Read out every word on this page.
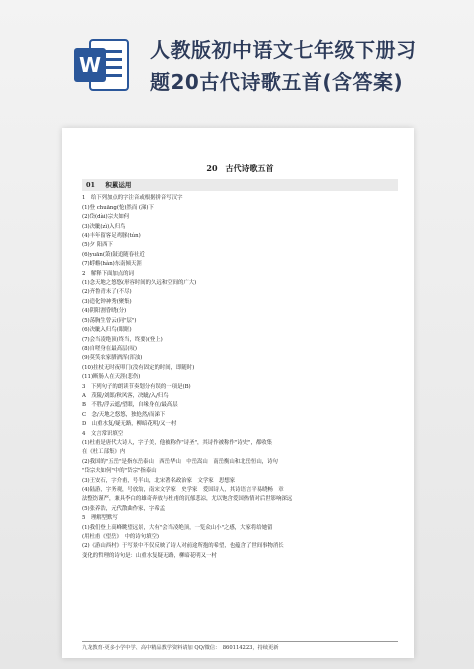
W
人教版初中语文七年级下册习
题20古代诗歌五首(含答案)
20　古代诗歌五首
01 积累运用
1　给下列加点的字注音或根据拼音写汉字
(1)登 chuāng(怆)然而 (涕)下
(2)岱(dài)宗夫如何
(3)决眦(zì)入归鸟
(4)丰年留客足鸡豚(tún)
(5)夕 阳西下
(6)yuān(箫)鼓追随春社近
(7)蜉蝣(hàn)东南倾天涯
2　解释下面加点的词
(1)念天地之悠悠(形容时间的久远和空间的广大)
(2)齐鲁青未了(不尽)
(3)造化钟神秀(聚集)
(4)阴阳割昏晓(分)
(5)荡胸生曾云(同"层")
(6)决眦入归鸟(眼眶)
(7)会当凌绝顶(终当，终要)(登上)
(8)自嗟身在最高层(叹)
(9)莫笑农家腊酒浑(浑浊)
(10)拄杖无时夜叩门(没有固定的时间，即随时)
(11)断肠人在天涯(悲伤)
3　下列句子的朗读节奏划分有误的一项是(B)
A　茂陵/刘郎/秋风客，决眦/入/归鸟
B　不胜/浮云遮/望眼，自缘身在/最高层
C　念/天地之悠悠，独怆然/而涕下
D　山重水复/疑无路，柳暗花明/又一村
4　文言常识填空
(1)杜甫是唐代大诗人，字子美，他被称作"诗圣"，其诗作被称作"诗史"，都收集
在《杜工部集》内
(2)我国的"五岳"是指东岳泰山　西岳华山　中岳嵩山　南岳衡山和北岳恒山，诗句
"岱宗夫如何"中的"岱宗"指泰山
(3)王安石，字介甫，号半山，北宋著名政治家　文学家　思想家
(4)陆游，字务观，号放翁，南宋文学家　史学家　爱国诗人，其诗语言平易晓畅　章
法整饬谨严，兼具李白的雄奇奔放与杜甫的沉郁悲凉，尤以饱含爱国热情对后世影响深远
(5)张养浩，元代散曲作家，字希孟
5　理解型默写
(1)我们登上高峰眺望远景，大有"会当凌绝顶，一览众山小"之感，大家将给她留
(用杜甫《望岳》　中的诗句填空)
(2)《游山西村》于写景中不仅反映了诗人对前途所抱的希望，也蕴含了世间事物消长
变化的哲理的诗句是：山重水复疑无路，柳暗花明又一村
九龙教育-更多小学中学、高中精品教学资料请加 QQ/微信：　860114223，持续更新
